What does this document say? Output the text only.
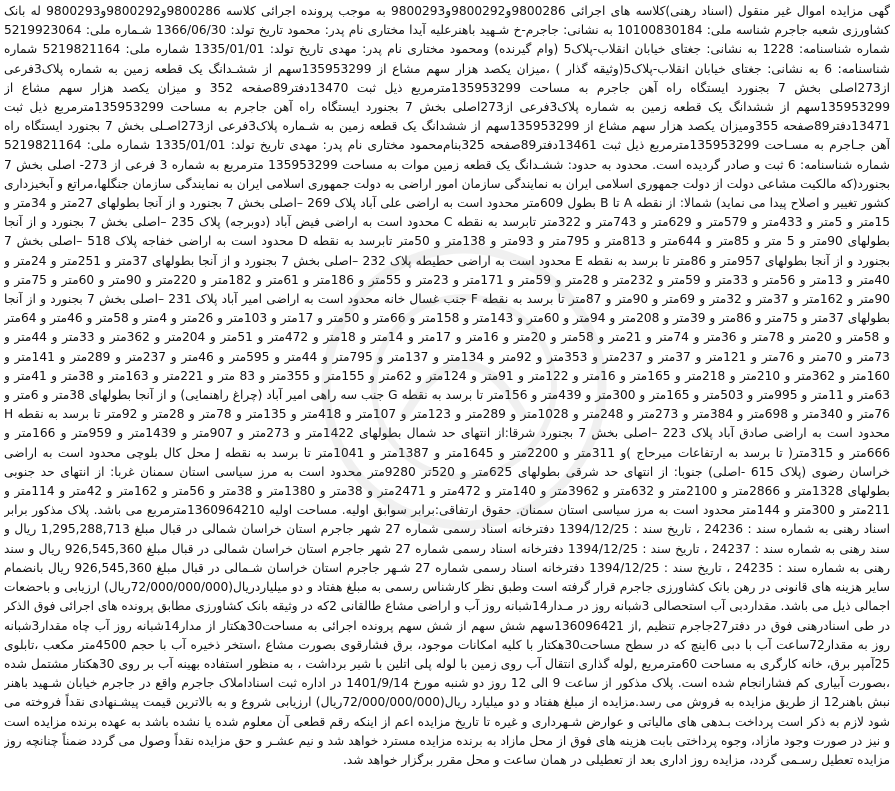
گهی مزایده اموال غیر منقول (اسناد رهنی)کلاسه های اجرائی 9800286و9800292و9800293 به موجب پرونده اجرائی کلاسه 9800286و9800292و9800293 له بانک کشاورزی شعبه جاجرم شناسه ملی: 10100830184 به نشانی: جاجرم-خ شـهید باهنرعلیه آیدا مختاری نام پدر: محمود تاریخ تولد: 1366/06/30 شـماره ملی: 5219923064 شماره شناسنامه: 1228 به نشانی: جغتای خیابان انقلاب-پلاک5 (وام گیرنده) ومحمود مختاری نام پدر: مهدی تاریخ تولد: 1335/01/01 شماره ملی: 5219821164 شماره شناسنامه: 6 به نشانی: جغتای خیابان انقلاب-پلاک5(وثیقه گذار ) ،میزان یکصد هزار سهم مشاع از 135953299سهم از ششـدانگ یک قطعه زمین به شماره پلاک3فرعی از273اصلی بخش 7 بجنورد ایستگاه راه آهن جاجرم به مساحت 135953299مترمربع ذیل ثبت 13470دفتر89صفحه 352 و میزان یکصد هزار سهم مشاع از 135953299سهم از ششدانگ یک قطعه زمین به شماره پلاک3فرعی از273اصلی بخش 7 بجنورد ایستگاه راه آهن جاجرم به مساحت 135953299مترمربع ذیل ثبت 13471دفتر89صفحه 355ومیزان یکصد هزار سهم مشاع از 135953299سهم از ششدانگ یک قطعه زمین به شـماره پلاک3فرعی از273اصـلی بخش 7 بجنورد ایستگاه راه آهن جـاجرم به مسـاحت 135953299مترمربع ذیل ثبت 13461دفتر89صفحه 325بنام‌محمود مختاری نام پدر: مهدی تاریخ تولد: 1335/01/01 شماره ملی: 5219821164 شماره شناسنامه: 6 ثبت و صادر گردیده است. محدود به حدود: ششـدانگ یک قطعه زمین موات به مساحت 135953299 مترمربع به شماره 3 فرعی از 273- اصلی بخش 7 بجنورد(که مالکیت مشاعی دولت از دولت جمهوری اسلامی ایران به نمایندگی سازمان امور اراضی به دولت جمهوری اسلامی ایران به نمایندگی سازمان جنگلها،مراتع و آبخیزداری کشور تغییر و اصلاح پیدا می نماید) شمالا: از نقطه A تا B بطول 609متر محدود است به اراضی علی آباد پلاک 269 –اصلی بخش 7 بجنورد و از آنجا بطولهای 27متر و 34متر و 15متر و 5متر و 433متر و 579متر و 629متر و 743متر و 322متر تابرسد به نقطه C محدود است به اراضی فیض آباد (دوبرجه) پلاک 235 –اصلی بخش 7 بجنورد و از آنجا بطولهای 90متر و 5 متر و 85متر و 644متر و 813متر و 795متر و 93متر و 138متر و 50متر تابرسد به نقطه D محدود است به اراضی خفاجه پلاک 518 –اصلی بخش 7 بجنورد و از آنجا بطولهای 957متر و 86متر تا برسد به نقطه E محدود است به اراضی حطیطه پلاک 232 –اصلی بخش 7 بجنورد و از آنجا بطولهای 37متر و 251متر و 24متر و 40متر و 13متر و 56متر و 33متر و 59متر و 232متر و 28متر و 59متر و 171متر و 23متر و 55متر و 186متر و 61متر و 182متر و 220متر و 90متر و 60متر و 75متر و 90متر و 162متر و 37متر و 32متر و 69متر و 90متر و 87متر تا برسد به نقطه F جنب غسال خانه محدود است به اراضی امیر آباد پلاک 231 –اصلی بخش 7 بجنورد و از آنجا بطولهای 37متر و 75متر و 86متر و 39متر و 208متر و 94متر و 60متر و 143متر و 158متر و 66متر و 50متر و 17متر و 103متر و 26متر و 4متر و 58متر و 46متر و 64متر و 58متر و 20متر و 78متر و 36متر و 74متر و 21متر و 58متر و 20متر و 16متر و 17متر و 14متر و 18متر و 472متر و 51متر و 204متر و 362متر و 33متر و 44متر و 73متر و 70متر و 76متر و 121متر و 37متر و 237متر و 353متر و 92متر و 134متر و 137متر و 795متر و 44متر و 595متر و 46متر و 237متر و 289متر و 141متر و 160متر و 362متر و 210متر و 218متر و 165متر و 16متر و 122متر و 91متر و 124متر و 62متر و 155متر و 355متر و 83 متر و 221متر و 163متر و 38متر و 41متر و 63متر و 11متر و 995متر و 503متر و 165متر و 300متر و 439متر و 156متر تا برسد به نقطه G جنب سه راهی امیر آباد (چراغ راهنمایی) و از آنجا بطولهای 38متر و 6متر و 76متر و 340متر و 698متر و 384متر و 273متر و 248متر و 1028متر و 289متر و 123متر و 107متر و 418متر و 135متر و 78متر و 28متر و 92متر تا برسد به نقطه H محدود است به اراضی صادق آباد پلاک 223 –اصلی بخش 7 بجنورد شرقا:از انتهای حد شمال بطولهای 1422متر و 273متر و 907متر و 1439متر و 959متر و 166متر و 666متر و 315متر( تا برسد به ارتفاعات میرحاج )و 311متر و 2200متر و 1645متر و 1387متر و 1041متر تا برسد به نقطه J محل کال بلوچی محدود است به اراضی خراسان رضوی (پلاک 615 -اصلی) جنوبا: از انتهای حد شرقی بطولهای 625متر و 520تر 9280متر محدود است به مرز سیاسی استان سمنان غربا: از انتهای حد جنوبی بطولهای 1328متر و 2866متر و 2100متر و 632متر و 3962متر و 140متر و 472متر و 2471متر و 38متر و 1380متر و 38متر و 56متر و 162متر و 42متر و 114متر و 211متر و 300متر و 144متر محدود است به مرز سیاسی استان سمنان. حقوق ارتفاقی:برابر سوابق اولیه. مساحت اولیه 1360964210مترمربع می باشد. پلاک مذکور برابر اسناد رهنی به شماره سند : 24236 ، تاریخ سند : 1394/12/25 دفترخانه اسناد رسمی شماره 27 شهر جاجرم استان خراسان شمالی در قبال مبلغ 1,295,288,713 ریال و سند رهنی به شماره سند : 24237 ، تاریخ سند : 1394/12/25 دفترخانه اسناد رسمی شماره 27 شهر جاجرم استان خراسان شمالی در قبال مبلغ 926,545,360 ریال و سند رهنی به شماره سند : 24235 ، تاریخ سند : 1394/12/25 دفترخانه اسناد رسمی شماره 27 شـهر جاجرم استان خراسان شـمالی در قبال مبلغ 926,545,360 ریال بانضمام سایر هزینه های قانونی در رهن بانک کشاورزی جاجرم قرار گرفته است وطبق نظر کارشناس رسمی به مبلغ هفتاد و دو میلیاردریال(72/000/000/000ریال) ارزیابی و باحضعات اجمالی ذیل می باشد. مقداردبی آب استحصالی 3شبانه روز در مـدار14شبانه روز آب و اراضی مشاع طالقانی 2که در وثیقه بانک کشاورزی مطابق پرونده های اجرائی فوق الذکر در طی اسنادرهنی فوق در دفتر27جاجرم تنظیم ,از 136096421سهم شش سهم از شش سهم پرونده اجرائی به مساحت30هکتار از مدار14شبانه روز آب چاه مقدار3شبانه روز به مقدار72ساعت آب با دبی 6اینچ که در سطح مساحت30هکتار با کلیه امکانات موجود، برق فشارقوی بصورت مشاع ،استخر ذخیره آب با حجم 4500متر مکعب ،تابلوی 25آمپر برق، خانه کارگری به مساحت 60مترمربع ,لوله گذاری انتقال آب روی زمین با لوله پلی اتلین با شیر برداشت ، به منظور استفاده بهینه آب بر روی 30هکتار مشتمل شده ،بصورت آبیاری کم فشارانجام شده است. پلاک مذکور از ساعت 9 الی 12 روز دو شنبه مورخ 1401/9/14 در اداره ثبت اسناداملاک جاجرم واقع در جاجرم خیابان شـهید باهنر نبش باهنر12 از طریق مزایده به فروش می رسد.مزایده از مبلغ هفتاد و دو میلیارد ریال(72/000/000/000ریال) ارزیابی شروع و به بالاترین قیمت پیشـنهادی نقداً فروخته می شود لازم به ذکر است پرداخت بـدهی های مالیاتی و عوارض شـهرداری و غیره تا تاریخ مزایده اعم از اینکه رقم قطعی آن معلوم شده یا نشده باشد به عهده برنده مزایده است و نیز در صورت وجود مازاد، وجوه پرداختی بابت هزینه های فوق از محل مازاد به برنده مزایده مسترد خواهد شد و نیم عشـر و حق مزایده نقداً وصول می گردد ضمناً چنانچه روز مزایده تعطیل رسـمی گردد، مزایده روز اداری بعد از تعطیلی در همان ساعت و محل مقرر برگزار خواهد شد.
